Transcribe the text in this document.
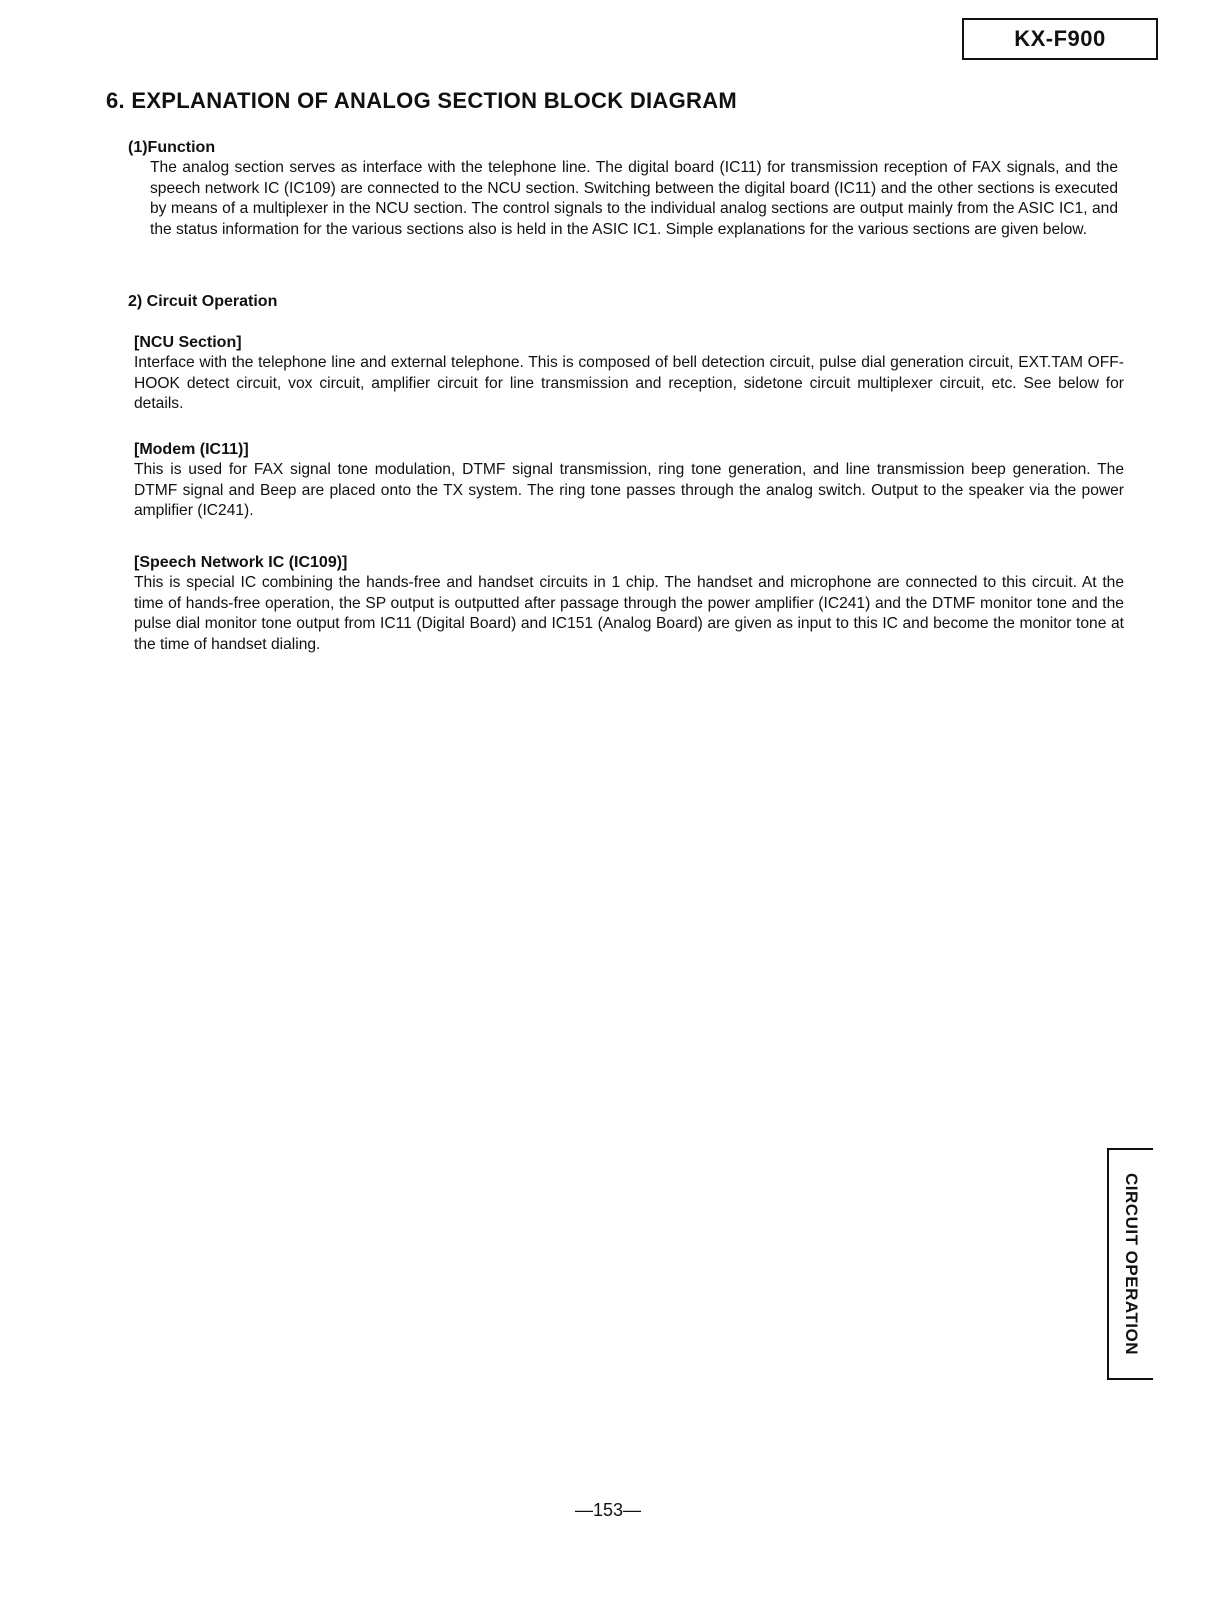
KX-F900
6. EXPLANATION OF ANALOG SECTION BLOCK DIAGRAM
(1)Function

The analog section serves as interface with the telephone line. The digital board (IC11) for transmission reception of FAX signals, and the speech network IC (IC109) are connected to the NCU section. Switching between the digital board (IC11) and the other sections is executed by means of a multiplexer in the NCU section. The control signals to the individual analog sections are output mainly from the ASIC IC1, and the status information for the various sections also is held in the ASIC IC1. Simple explanations for the various sections are given below.

2) Circuit Operation
[NCU Section]

Interface with the telephone line and external telephone. This is composed of bell detection circuit, pulse dial generation circuit, EXT.TAM OFF-HOOK detect circuit, vox circuit, amplifier circuit for line transmission and reception, sidetone circuit multiplexer circuit, etc. See below for details.

[Modem (IC11)]

This is used for FAX signal tone modulation, DTMF signal transmission, ring tone generation, and line transmission beep generation. The DTMF signal and Beep are placed onto the TX system. The ring tone passes through the analog switch. Output to the speaker via the power amplifier (IC241).

[Speech Network IC (IC109)]

This is special IC combining the hands-free and handset circuits in 1 chip. The handset and microphone are connected to this circuit. At the time of hands-free operation, the SP output is outputted after passage through the power amplifier (IC241) and the DTMF monitor tone and the pulse dial monitor tone output from IC11 (Digital Board) and IC151 (Analog Board) are given as input to this IC and become the monitor tone at the time of handset dialing.

CIRCUIT OPERATION
—153—
